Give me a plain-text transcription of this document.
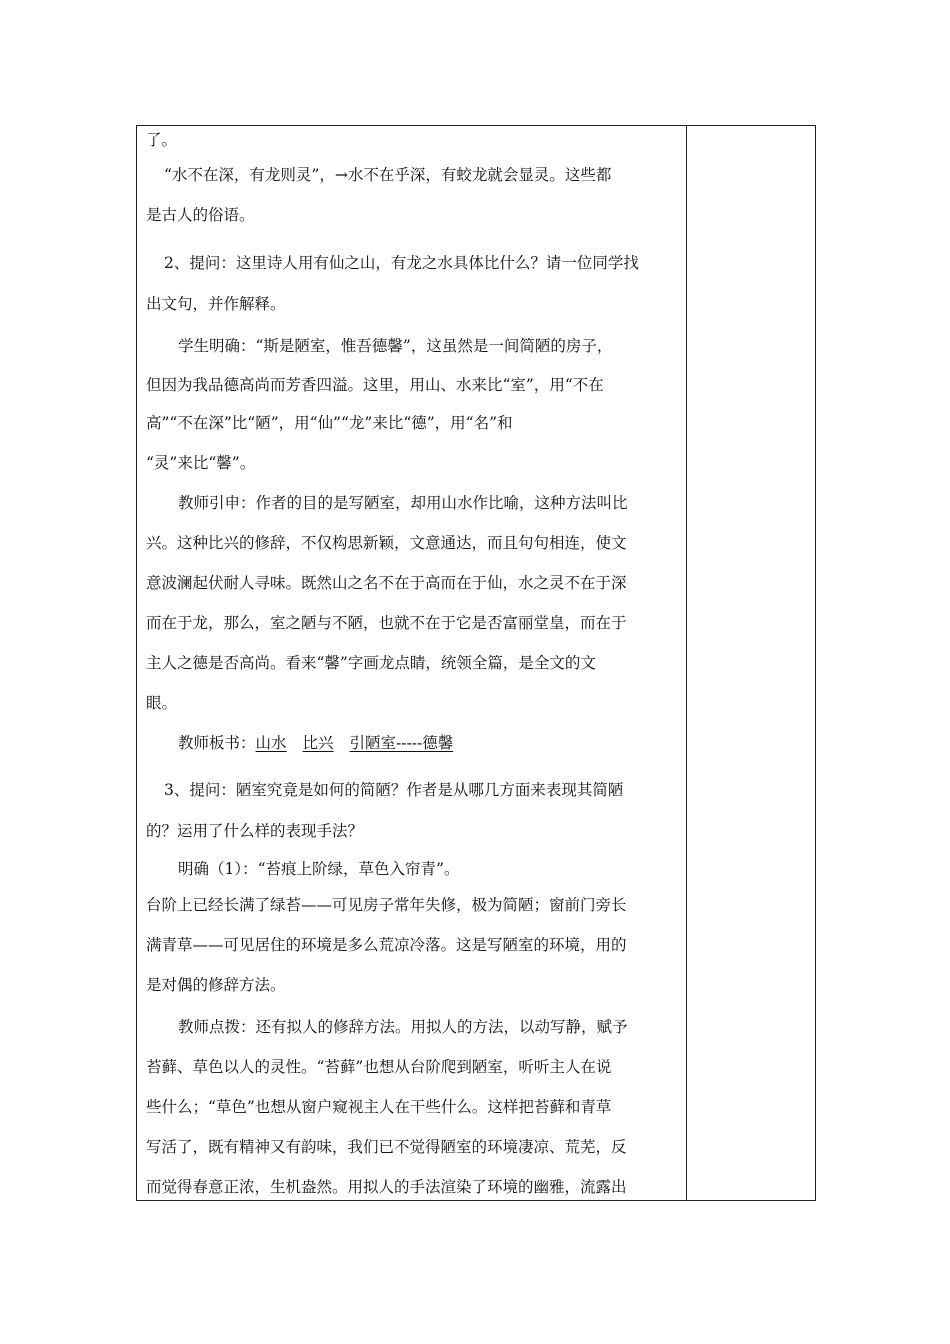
了。
“水不在深，有龙则灵”，→水不在乎深，有蛟龙就会显灵。这些都
是古人的俗语。
2、提问：这里诗人用有仙之山，有龙之水具体比什么？请一位同学找
出文句，并作解释。
学生明确：“斯是陋室，惟吾德馨”，这虽然是一间简陋的房子，
但因为我品德高尚而芳香四溢。这里，用山、水来比“室”，用“不在
高”“不在深”比“陋”，用“仙”“龙”来比“德”，用“名”和
“灵”来比“馨”。
教师引申：作者的目的是写陋室，却用山水作比喻，这种方法叫比
兴。这种比兴的修辞，不仅构思新颖，文意通达，而且句句相连，使文
意波澜起伏耐人寻味。既然山之名不在于高而在于仙，水之灵不在于深
而在于龙，那么，室之陋与不陋，也就不在于它是否富丽堂皇，而在于
主人之德是否高尚。看来“馨”字画龙点睛，统领全篇，是全文的文
眼。
教师板书：山水 比兴 引陋室-----德馨
3、提问：陋室究竟是如何的简陋？作者是从哪几方面来表现其简陋
的？运用了什么样的表现手法？
明确（1）：“苔痕上阶绿，草色入帘青”。
台阶上已经长满了绿苔——可见房子常年失修，极为简陋；窗前门旁长
满青草——可见居住的环境是多么荒凉冷落。这是写陋室的环境，用的
是对偶的修辞方法。
教师点拨：还有拟人的修辞方法。用拟人的方法，以动写静，赋予
苔藓、草色以人的灵性。“苔藓”也想从台阶爬到陋室，听听主人在说
些什么；“草色”也想从窗户窥视主人在干些什么。这样把苔藓和青草
写活了，既有精神又有韵味，我们已不觉得陋室的环境凄凉、荒芜，反
而觉得春意正浓，生机盎然。用拟人的手法渲染了环境的幽雅，流露出
